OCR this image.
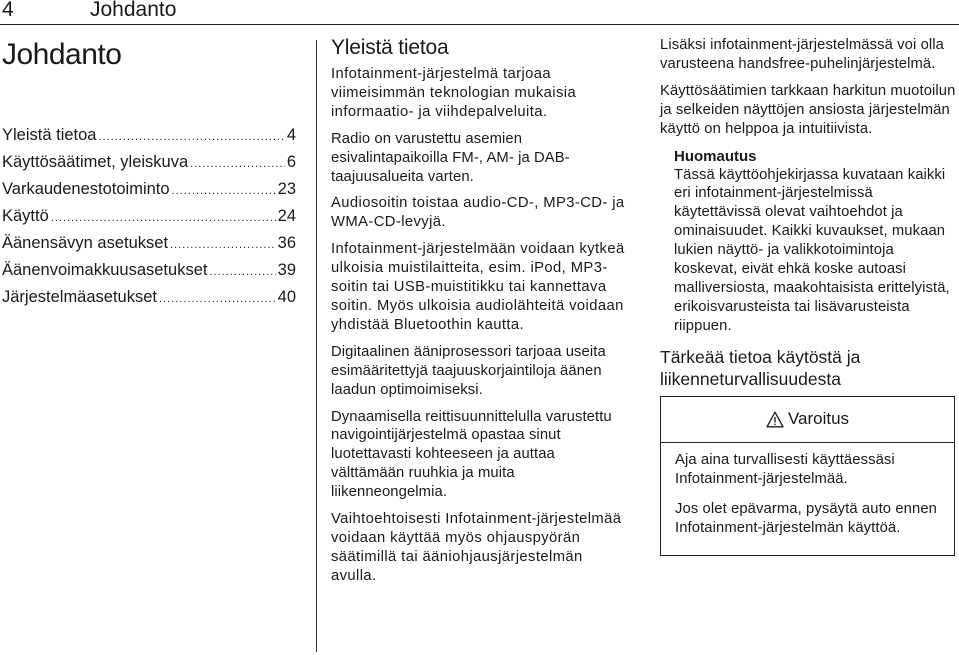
4	Johdanto
Johdanto
Yleistä tietoa .....	4
Käyttösäätimet, yleiskuva .....	6
Varkaudenestotoiminto .....	23
Käyttö .....	24
Äänensävyn asetukset .....	36
Äänenvoimakkuusasetukset .....	39
Järjestelmäasetukset .....	40
Yleistä tietoa

Infotainment-järjestelmä tarjoaa viimeisimmän teknologian mukaisia informaatio- ja viihdepalveluita.

Radio on varustettu asemien esivalintapaikoilla FM-, AM- ja DAB-taajuusalueita varten.

Audiosoitin toistaa audio-CD-, MP3-CD- ja WMA-CD-levyjä.

Infotainment-järjestelmään voidaan kytkeä ulkoisia muistilaitteita, esim. iPod, MP3-soitin tai USB-muistitikku tai kannettava soitin. Myös ulkoisia audiolähteitä voidaan yhdistää Bluetoothin kautta.

Digitaalinen ääniprosessori tarjoaa useita esimääritettyjä taajuuskorjaintiloja äänen laadun optimoimiseksi.

Dynaamisella reittisuunnittelulla varustettu navigointijärjestelmä opastaa sinut luotettavasti kohteeseen ja auttaa välttämään ruuhkia ja muita liikenneongelmia.

Vaihtoehtoisesti Infotainment-järjestelmää voidaan käyttää myös ohjauspyörän säätimillä tai ääniohjausjärjestelmän avulla.

Lisäksi infotainment-järjestelmässä voi olla varusteena handsfree-puhelinjärjestelmä.

Käyttösäätimien tarkkaan harkitun muotoilun ja selkeiden näyttöjen ansiosta järjestelmän käyttö on helppoa ja intuitiivista.

Huomautus

Tässä käyttöohjekirjassa kuvataan kaikki eri infotainment-järjestelmissä käytettävissä olevat vaihtoehdot ja ominaisuudet. Kaikki kuvaukset, mukaan lukien näyttö- ja valikkotoimintoja koskevat, eivät ehkä koske autoasi malliversiosta, maakohtaisista erittelyistä, erikoisvarusteista tai lisävarusteista riippuen.

Tärkeää tietoa käytöstä ja liikenneturvallisuudesta
Varoitus

Aja aina turvallisesti käyttäessäsi Infotainment-järjestelmää.

Jos olet epävarma, pysäytä auto ennen Infotainment-järjestelmän käyttöä.
